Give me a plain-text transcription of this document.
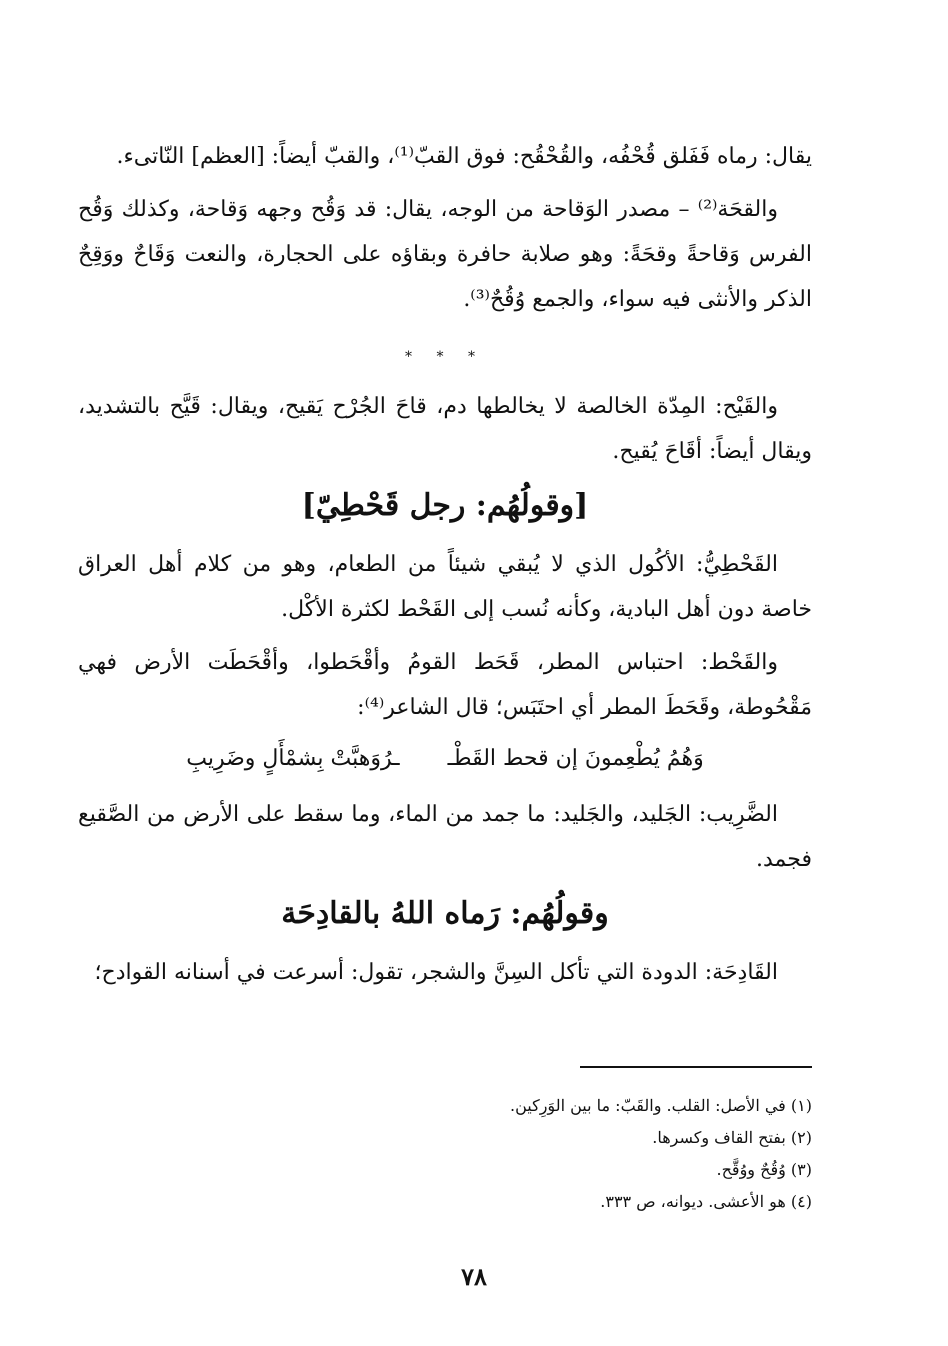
يقال: رماه فَفَلق قُحْفُه، والقُحْقُح: فوق القبّ⁽¹⁾، والقبّ أيضاً: [العظم] النّاتىء.

والقحَة⁽²⁾ – مصدر الوَقاحة من الوجه، يقال: قد وَقُح وجهه وَقاحة، وكذلك وَقُح الفرس وَقاحةً وقحَةً: وهو صلابة حافرة وبقاؤه على الحجارة، والنعت وَقَاحٌ ووَقِحٌ الذكر والأنثى فيه سواء، والجمع وُقُحٌ⁽³⁾.

* * *

والقَيْح: المِدّة الخالصة لا يخالطها دم، قاحَ الجُرْح يَقيح، ويقال: قَيَّح بالتشديد، ويقال أيضاً: أقَاحَ يُقيح.

[وقولُهُم: رجل قَحْطِيّ]

القَحْطِيُّ: الأكُول الذي لا يُبقي شيئاً من الطعام، وهو من كلام أهل العراق خاصة دون أهل البادية، وكأنه نُسب إلى القَحْط لكثرة الأكْل.

والقَحْط: احتباس المطر، قَحَط القومُ وأقْحَطوا، وأقْحَطَت الأرض فهي مَقْحُوطة، وقَحَطَ المطر أي احتَبَس؛ قال الشاعر⁽⁴⁾:

وَهُمُ يُطْعِمونَ إن قحط القَطْـ
ـرُوَهبَّتْ بِشمْأَلٍ وضَرِيبِ

الضَّرِيب: الجَليد، والجَليد: ما جمد من الماء، وما سقط على الأرض من الصَّقيع فجمد.

وقولُهُم: رَماه اللهُ بالقادِحَة

القَادِحَة: الدودة التي تأكل السِنَّ والشجر، تقول: أسرعت في أسنانه القوادح؛

(١) في الأصل: القلب. والقَبّ: ما بين الوَرِكين.

(٢) بفتح القاف وكسرها.

(٣) وُقُحٌ ووُقَّح.

(٤) هو الأعشى. ديوانه، ص ٣٣٣.

٧٨
